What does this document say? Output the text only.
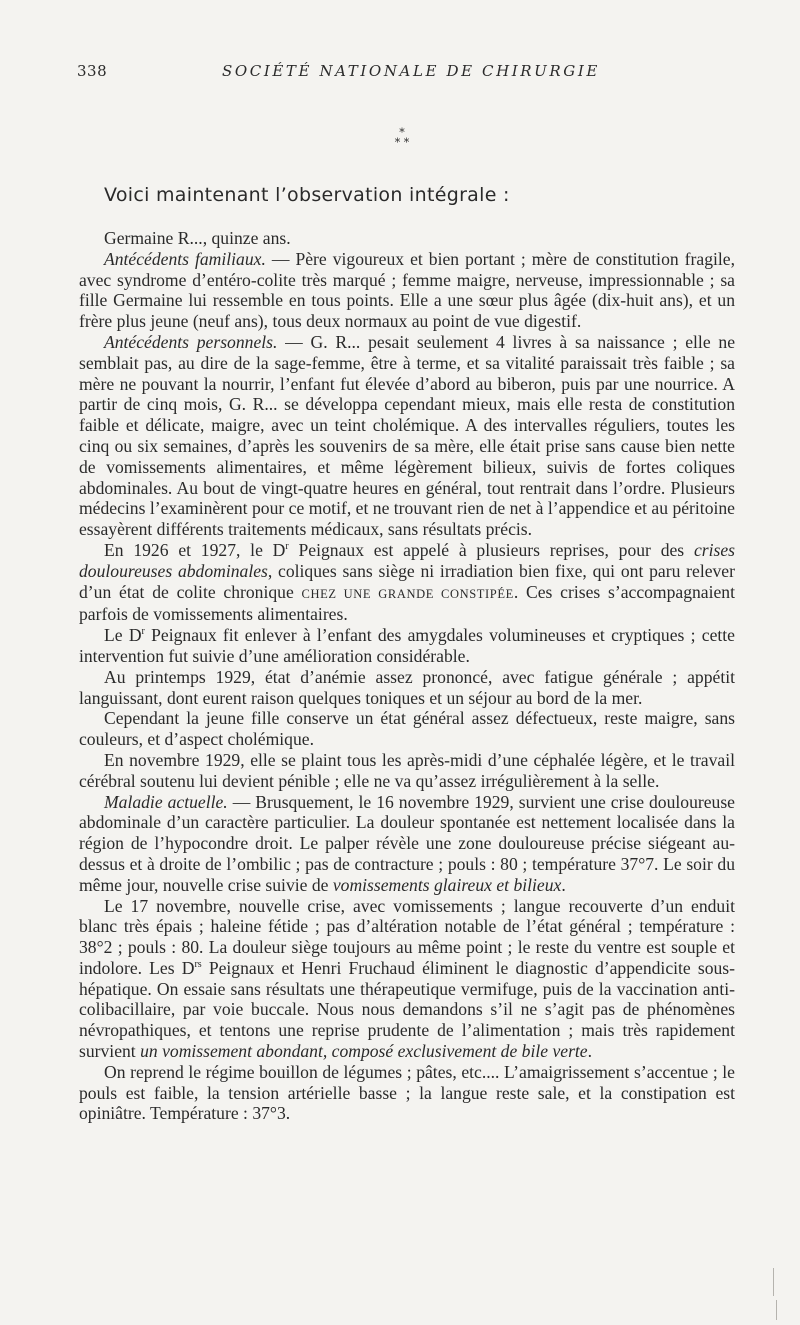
338	SOCIÉTÉ NATIONALE DE CHIRURGIE
*
* *
Voici maintenant l’observation intégrale :

Germaine R..., quinze ans.

Antécédents familiaux. — Père vigoureux et bien portant ; mère de constitution fragile, avec syndrome d’entéro-colite très marqué ; femme maigre, nerveuse, impressionnable ; sa fille Germaine lui ressemble en tous points. Elle a une sœur plus âgée (dix-huit ans), et un frère plus jeune (neuf ans), tous deux normaux au point de vue digestif.

Antécédents personnels. — G. R... pesait seulement 4 livres à sa naissance ; elle ne semblait pas, au dire de la sage-femme, être à terme, et sa vitalité paraissait très faible ; sa mère ne pouvant la nourrir, l’enfant fut élevée d’abord au biberon, puis par une nourrice. A partir de cinq mois, G. R... se développa cependant mieux, mais elle resta de constitution faible et délicate, maigre, avec un teint cholémique. A des intervalles réguliers, toutes les cinq ou six semaines, d’après les souvenirs de sa mère, elle était prise sans cause bien nette de vomissements alimentaires, et même légèrement bilieux, suivis de fortes coliques abdominales. Au bout de vingt-quatre heures en général, tout rentrait dans l’ordre. Plusieurs médecins l’examinèrent pour ce motif, et ne trouvant rien de net à l’appendice et au péritoine essayèrent différents traitements médicaux, sans résultats précis.

En 1926 et 1927, le $D^r$ Peignaux est appelé à plusieurs reprises, pour des crises douloureuses abdominales, coliques sans siège ni irradiation bien fixe, qui ont paru relever d’un état de colite chronique CHEZ UNE GRANDE CONSTIPÉE. Ces crises s’accompagnaient parfois de vomissements alimentaires.

Le $D^r$ Peignaux fit enlever à l’enfant des amygdales volumineuses et cryptiques ; cette intervention fut suivie d’une amélioration considérable.

Au printemps 1929, état d’anémie assez prononcé, avec fatigue générale ; appétit languissant, dont eurent raison quelques toniques et un séjour au bord de la mer.

Cependant la jeune fille conserve un état général assez défectueux, reste maigre, sans couleurs, et d’aspect cholémique.

En novembre 1929, elle se plaint tous les après-midi d’une céphalée légère, et le travail cérébral soutenu lui devient pénible ; elle ne va qu’assez irrégulièrement à la selle.

Maladie actuelle. — Brusquement, le 16 novembre 1929, survient une crise douloureuse abdominale d’un caractère particulier. La douleur spontanée est nettement localisée dans la région de l’hypocondre droit. Le palper révèle une zone douloureuse précise siégeant au-dessus et à droite de l’ombilic ; pas de contracture ; pouls : 80 ; température 37°7. Le soir du même jour, nouvelle crise suivie de vomissements glaireux et bilieux.

Le 17 novembre, nouvelle crise, avec vomissements ; langue recouverte d’un enduit blanc très épais ; haleine fétide ; pas d’altération notable de l’état général ; température : 38°2 ; pouls : 80. La douleur siège toujours au même point ; le reste du ventre est souple et indolore. Les $D^{rs}$ Peignaux et Henri Fruchaud éliminent le diagnostic d’appendicite sous-hépatique. On essaie sans résultats une thérapeutique vermifuge, puis de la vaccination anti-colibacillaire, par voie buccale. Nous nous demandons s’il ne s’agit pas de phénomènes névropathiques, et tentons une reprise prudente de l’alimentation ; mais très rapidement survient un vomissement abondant, composé exclusivement de bile verte.

On reprend le régime bouillon de légumes ; pâtes, etc.... L’amaigrissement s’accentue ; le pouls est faible, la tension artérielle basse ; la langue reste sale, et la constipation est opiniâtre. Température : 37°3.
